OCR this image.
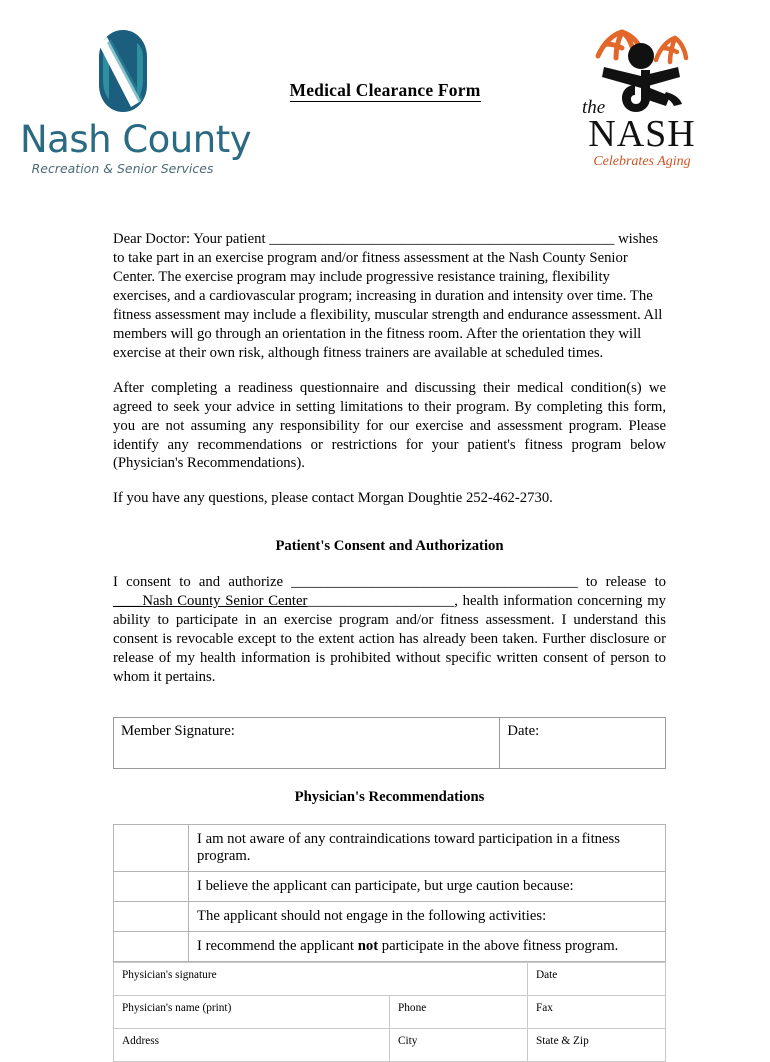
Nash County
Recreation & Senior Services
Medical Clearance Form
the
NASH
Celebrates Aging

Dear Doctor: Your patient _______________________________________________ wishes to take part in an exercise program and/or fitness assessment at the Nash County Senior Center. The exercise program may include progressive resistance training, flexibility exercises, and a cardiovascular program; increasing in duration and intensity over time. The fitness assessment may include a flexibility, muscular strength and endurance assessment. All members will go through an orientation in the fitness room. After the orientation they will exercise at their own risk, although fitness trainers are available at scheduled times.

After completing a readiness questionnaire and discussing their medical condition(s) we agreed to seek your advice in setting limitations to their program. By completing this form, you are not assuming any responsibility for our exercise and assessment program. Please identify any recommendations or restrictions for your patient's fitness program below (Physician's Recommendations).

If you have any questions, please contact Morgan Doughtie 252-462-2730.

Patient's Consent and Authorization

I consent to and authorize _______________________________________ to release to ____Nash County Senior Center____________________, health information concerning my ability to participate in an exercise program and/or fitness assessment. I understand this consent is revocable except to the extent action has already been taken. Further disclosure or release of my health information is prohibited without specific written consent of person to whom it pertains.

Member Signature:	Date:
Physician's Recommendations
	I am not aware of any contraindications toward participation in a fitness program.
	I believe the applicant can participate, but urge caution because:
	The applicant should not engage in the following activities:
	I recommend the applicant not participate in the above fitness program.
Physician's signature		Date
Physician's name (print)	Phone	Fax
Address	City	State & Zip
